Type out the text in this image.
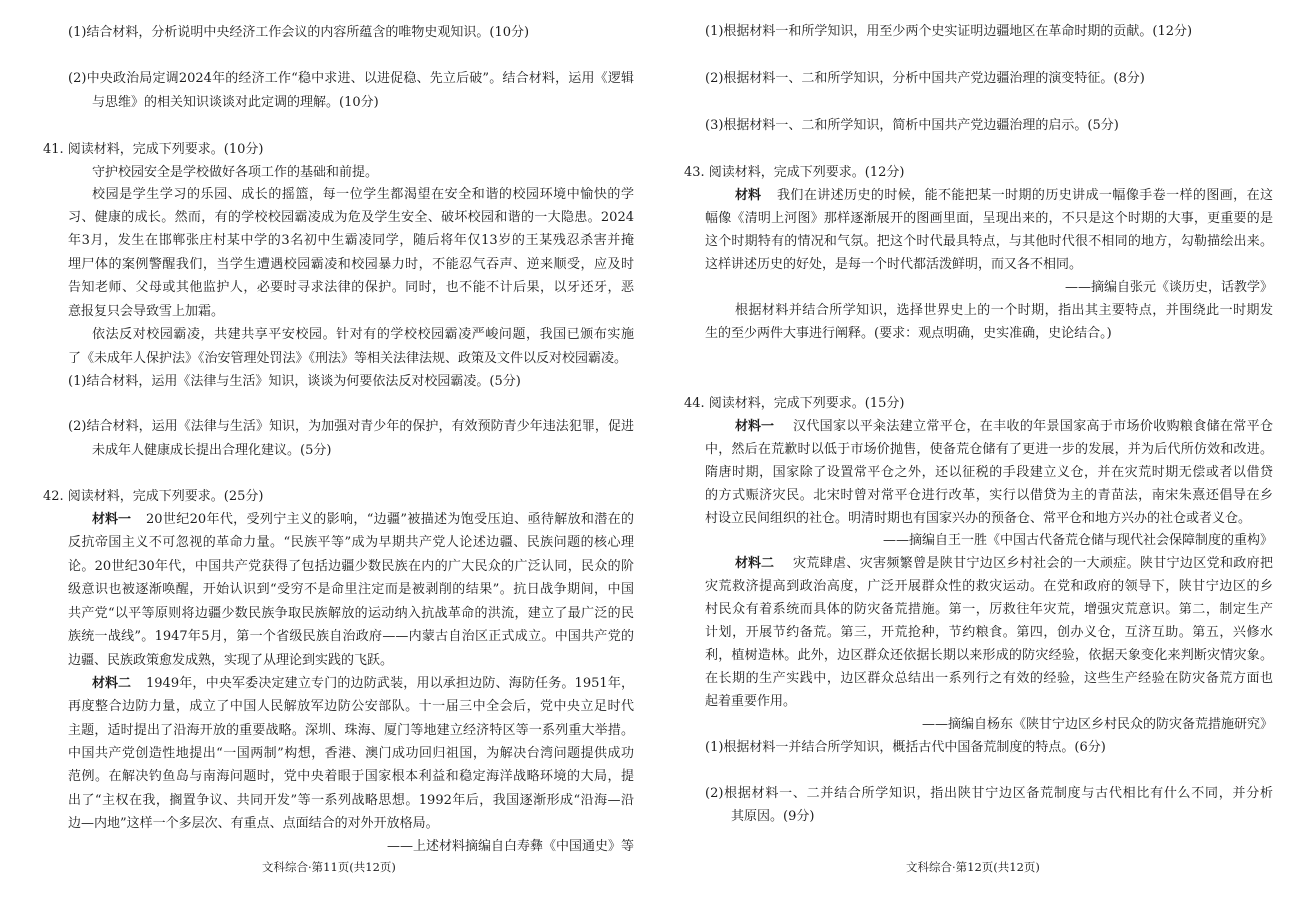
(1)结合材料，分析说明中央经济工作会议的内容所蕴含的唯物史观知识。(10分)

(2)中央政治局定调2024年的经济工作“稳中求进、以进促稳、先立后破”。结合材料，运用《逻辑

与思维》的相关知识谈谈对此定调的理解。(10分)

41. 阅读材料，完成下列要求。(10分)

守护校园安全是学校做好各项工作的基础和前提。

校园是学生学习的乐园、成长的摇篮，每一位学生都渴望在安全和谐的校园环境中愉快的学

习、健康的成长。然而，有的学校校园霸凌成为危及学生安全、破坏校园和谐的一大隐患。2024

年3月，发生在邯郸张庄村某中学的3名初中生霸凌同学，随后将年仅13岁的王某残忍杀害并掩

埋尸体的案例警醒我们，当学生遭遇校园霸凌和校园暴力时，不能忍气吞声、逆来顺受，应及时

告知老师、父母或其他监护人，必要时寻求法律的保护。同时，也不能不计后果，以牙还牙，恶

意报复只会导致雪上加霜。

依法反对校园霸凌，共建共享平安校园。针对有的学校校园霸凌严峻问题，我国已颁布实施

了《未成年人保护法》《治安管理处罚法》《刑法》等相关法律法规、政策及文件以反对校园霸凌。

(1)结合材料，运用《法律与生活》知识，谈谈为何要依法反对校园霸凌。(5分)

(2)结合材料，运用《法律与生活》知识，为加强对青少年的保护，有效预防青少年违法犯罪，促进

未成年人健康成长提出合理化建议。(5分)

42. 阅读材料，完成下列要求。(25分)

材料一 20世纪20年代，受列宁主义的影响，“边疆”被描述为饱受压迫、亟待解放和潜在的

反抗帝国主义不可忽视的革命力量。“民族平等”成为早期共产党人论述边疆、民族问题的核心理

论。20世纪30年代，中国共产党获得了包括边疆少数民族在内的广大民众的广泛认同，民众的阶

级意识也被逐渐唤醒，开始认识到“受穷不是命里注定而是被剥削的结果”。抗日战争期间，中国

共产党“以平等原则将边疆少数民族争取民族解放的运动纳入抗战革命的洪流，建立了最广泛的民

族统一战线”。1947年5月，第一个省级民族自治政府——内蒙古自治区正式成立。中国共产党的

边疆、民族政策愈发成熟，实现了从理论到实践的飞跃。

材料二 1949年，中央军委决定建立专门的边防武装，用以承担边防、海防任务。1951年，

再度整合边防力量，成立了中国人民解放军边防公安部队。十一届三中全会后，党中央立足时代

主题，适时提出了沿海开放的重要战略。深圳、珠海、厦门等地建立经济特区等一系列重大举措。

中国共产党创造性地提出“一国两制”构想，香港、澳门成功回归祖国，为解决台湾问题提供成功

范例。在解决钓鱼岛与南海问题时，党中央着眼于国家根本利益和稳定海洋战略环境的大局，提

出了“主权在我，搁置争议、共同开发”等一系列战略思想。1992年后，我国逐渐形成“沿海—沿

边—内地”这样一个多层次、有重点、点面结合的对外开放格局。

——上述材料摘编自白寿彝《中国通史》等

文科综合·第11页(共12页)

(1)根据材料一和所学知识，用至少两个史实证明边疆地区在革命时期的贡献。(12分)

(2)根据材料一、二和所学知识，分析中国共产党边疆治理的演变特征。(8分)

(3)根据材料一、二和所学知识，简析中国共产党边疆治理的启示。(5分)

43. 阅读材料，完成下列要求。(12分)

材料 我们在讲述历史的时候，能不能把某一时期的历史讲成一幅像手卷一样的图画，在这

幅像《清明上河图》那样逐渐展开的图画里面，呈现出来的，不只是这个时期的大事，更重要的是

这个时期特有的情况和气氛。把这个时代最具特点，与其他时代很不相同的地方，勾勒描绘出来。

这样讲述历史的好处，是每一个时代都活泼鲜明，而又各不相同。

——摘编自张元《谈历史，话教学》

根据材料并结合所学知识，选择世界史上的一个时期，指出其主要特点，并围绕此一时期发

生的至少两件大事进行阐释。(要求：观点明确，史实准确，史论结合。)

44. 阅读材料，完成下列要求。(15分)

材料一 汉代国家以平籴法建立常平仓，在丰收的年景国家高于市场价收购粮食储在常平仓

中，然后在荒歉时以低于市场价抛售，使备荒仓储有了更进一步的发展，并为后代所仿效和改进。

隋唐时期，国家除了设置常平仓之外，还以征税的手段建立义仓，并在灾荒时期无偿或者以借贷

的方式赈济灾民。北宋时曾对常平仓进行改革，实行以借贷为主的青苗法，南宋朱熹还倡导在乡

村设立民间组织的社仓。明清时期也有国家兴办的预备仓、常平仓和地方兴办的社仓或者义仓。

——摘编自王一胜《中国古代备荒仓储与现代社会保障制度的重构》

材料二 灾荒肆虐、灾害频繁曾是陕甘宁边区乡村社会的一大顽症。陕甘宁边区党和政府把

灾荒救济提高到政治高度，广泛开展群众性的救灾运动。在党和政府的领导下，陕甘宁边区的乡

村民众有着系统而具体的防灾备荒措施。第一，厉救往年灾荒，增强灾荒意识。第二，制定生产

计划，开展节约备荒。第三，开荒抢种，节约粮食。第四，创办义仓，互济互助。第五，兴修水

利，植树造林。此外，边区群众还依据长期以来形成的防灾经验，依据天象变化来判断灾情灾象。

在长期的生产实践中，边区群众总结出一系列行之有效的经验，这些生产经验在防灾备荒方面也

起着重要作用。

——摘编自杨东《陕甘宁边区乡村民众的防灾备荒措施研究》

(1)根据材料一并结合所学知识，概括古代中国备荒制度的特点。(6分)

(2)根据材料一、二并结合所学知识，指出陕甘宁边区备荒制度与古代相比有什么不同，并分析

其原因。(9分)

文科综合·第12页(共12页)
